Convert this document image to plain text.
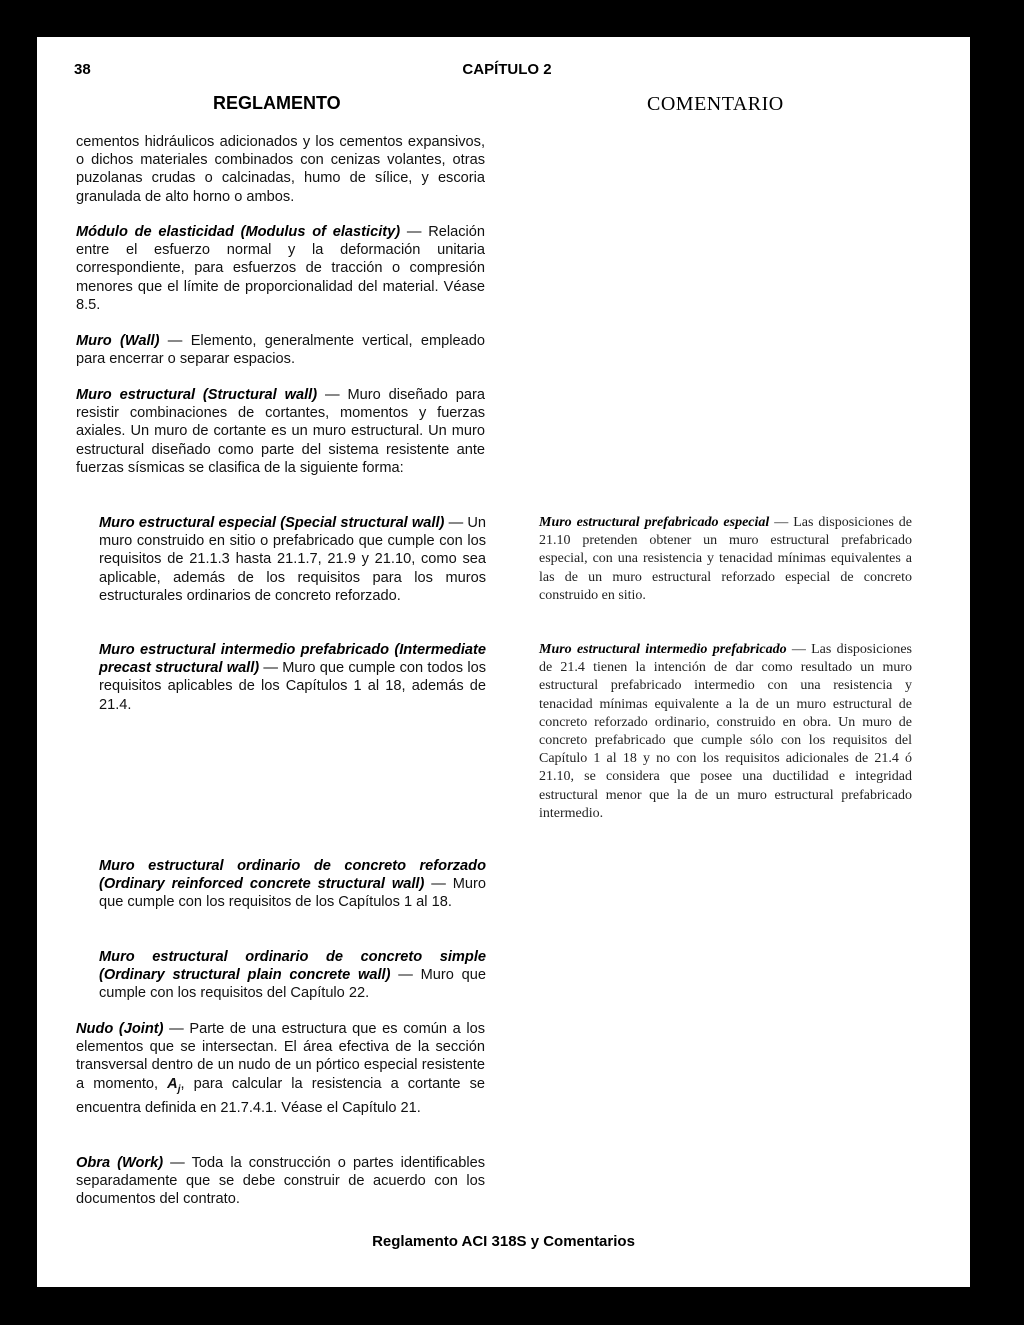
38	CAPÍTULO 2
REGLAMENTO	COMENTARIO

cementos hidráulicos adicionados y los cementos expansivos, o dichos materiales combinados con cenizas volantes, otras puzolanas crudas o calcinadas, humo de sílice, y escoria granulada de alto horno o ambos.

Módulo de elasticidad (Modulus of elasticity) — Relación entre el esfuerzo normal y la deformación unitaria correspondiente, para esfuerzos de tracción o compresión menores que el límite de proporcionalidad del material. Véase 8.5.

Muro (Wall) — Elemento, generalmente vertical, empleado para encerrar o separar espacios.

Muro estructural (Structural wall) — Muro diseñado para resistir combinaciones de cortantes, momentos y fuerzas axiales. Un muro de cortante es un muro estructural. Un muro estructural diseñado como parte del sistema resistente ante fuerzas sísmicas se clasifica de la siguiente forma:

Muro estructural especial (Special structural wall) — Un muro construido en sitio o prefabricado que cumple con los requisitos de 21.1.3 hasta 21.1.7, 21.9 y 21.10, como sea aplicable, además de los requisitos para los muros estructurales ordinarios de concreto reforzado.

Muro estructural intermedio prefabricado (Intermediate precast structural wall) — Muro que cumple con todos los requisitos aplicables de los Capítulos 1 al 18, además de 21.4.

Muro estructural ordinario de concreto reforzado (Ordinary reinforced concrete structural wall) — Muro que cumple con los requisitos de los Capítulos 1 al 18.

Muro estructural ordinario de concreto simple (Ordinary structural plain concrete wall) — Muro que cumple con los requisitos del Capítulo 22.

Nudo (Joint) — Parte de una estructura que es común a los elementos que se intersectan. El área efectiva de la sección transversal dentro de un nudo de un pórtico especial resistente a momento, $A_j$, para calcular la resistencia a cortante se encuentra definida en 21.7.4.1. Véase el Capítulo 21.

Obra (Work) — Toda la construcción o partes identificables separadamente que se debe construir de acuerdo con los documentos del contrato.

Muro estructural prefabricado especial — Las disposiciones de 21.10 pretenden obtener un muro estructural prefabricado especial, con una resistencia y tenacidad mínimas equivalentes a las de un muro estructural reforzado especial de concreto construido en sitio.

Muro estructural intermedio prefabricado — Las disposiciones de 21.4 tienen la intención de dar como resultado un muro estructural prefabricado intermedio con una resistencia y tenacidad mínimas equivalente a la de un muro estructural de concreto reforzado ordinario, construido en obra. Un muro de concreto prefabricado que cumple sólo con los requisitos del Capítulo 1 al 18 y no con los requisitos adicionales de 21.4 ó 21.10, se considera que posee una ductilidad e integridad estructural menor que la de un muro estructural prefabricado intermedio.

Reglamento ACI 318S y Comentarios
